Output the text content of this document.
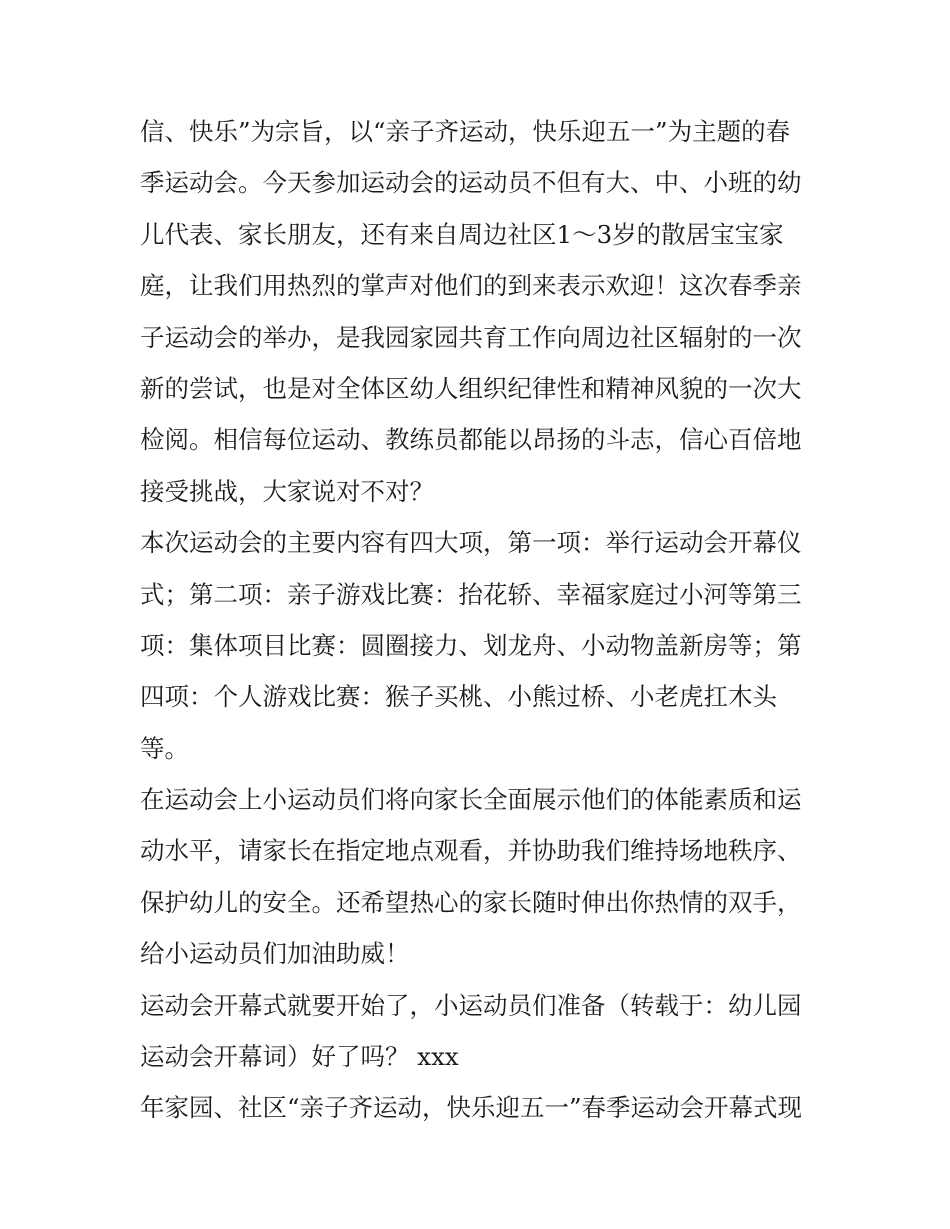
信、快乐”为宗旨，以“亲子齐运动，快乐迎五一”为主题的春
季运动会。今天参加运动会的运动员不但有大、中、小班的幼
儿代表、家长朋友，还有来自周边社区1～3岁的散居宝宝家
庭，让我们用热烈的掌声对他们的到来表示欢迎！这次春季亲
子运动会的举办，是我园家园共育工作向周边社区辐射的一次
新的尝试，也是对全体区幼人组织纪律性和精神风貌的一次大
检阅。相信每位运动、教练员都能以昂扬的斗志，信心百倍地
接受挑战，大家说对不对？

本次运动会的主要内容有四大项，第一项：举行运动会开幕仪
式；第二项：亲子游戏比赛：抬花轿、幸福家庭过小河等第三
项：集体项目比赛：圆圈接力、划龙舟、小动物盖新房等；第
四项：个人游戏比赛：猴子买桃、小熊过桥、小老虎扛木头
等。

在运动会上小运动员们将向家长全面展示他们的体能素质和运
动水平，请家长在指定地点观看，并协助我们维持场地秩序、
保护幼儿的安全。还希望热心的家长随时伸出你热情的双手，
给小运动员们加油助威！

运动会开幕式就要开始了，小运动员们准备（转载于：幼儿园
运动会开幕词）好了吗？ xxx

年家园、社区“亲子齐运动，快乐迎五一”春季运动会开幕式现
